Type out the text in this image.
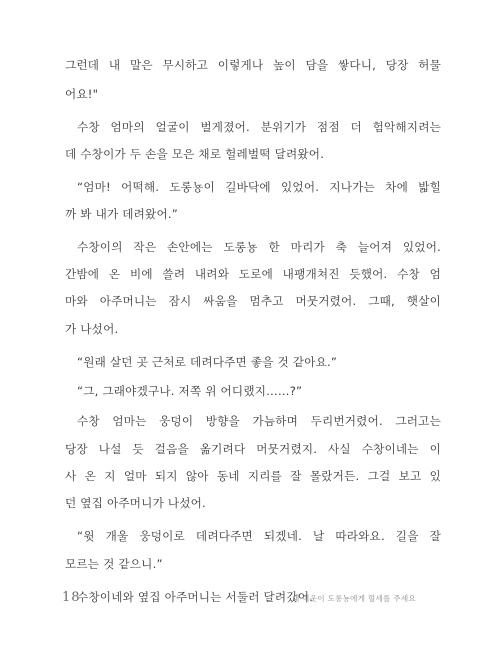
그런데 내 말은 무시하고 이렇게나 높이 담을 쌓다니, 당장 허물
어요!"
수창 엄마의 얼굴이 벌게졌어. 분위기가 점점 더 험악해지려는
데 수창이가 두 손을 모은 채로 헐레벌떡 달려왔어.
“엄마! 어떡해. 도롱뇽이 길바닥에 있었어. 지나가는 차에 밟힐
까 봐 내가 데려왔어.”
수창이의 작은 손안에는 도롱뇽 한 마리가 축 늘어져 있었어.
간밤에 온 비에 쓸려 내려와 도로에 내팽개쳐진 듯했어. 수창 엄
마와 아주머니는 잠시 싸움을 멈추고 머뭇거렸어. 그때, 햇살이
가 나섰어.
“원래 살던 곳 근처로 데려다주면 좋을 것 같아요.”
“그, 그래야겠구나. 저쪽 위 어디랬지……?”
수창 엄마는 웅덩이 방향을 가늠하며 두리번거렸어. 그러고는
당장 나설 듯 걸음을 옮기려다 머뭇거렸지. 사실 수창이네는 이
사 온 지 얼마 되지 않아 동네 지리를 잘 몰랐거든. 그걸 보고 있
던 옆집 아주머니가 나섰어.
“윗 개울 웅덩이로 데려다주면 되겠네. 날 따라와요. 길을 잘
모르는 것 같으니.”
수창이네와 옆집 아주머니는 서둘러 달려갔어.
18	내 이웃이 도롱뇽에게 혈세를 주세요
